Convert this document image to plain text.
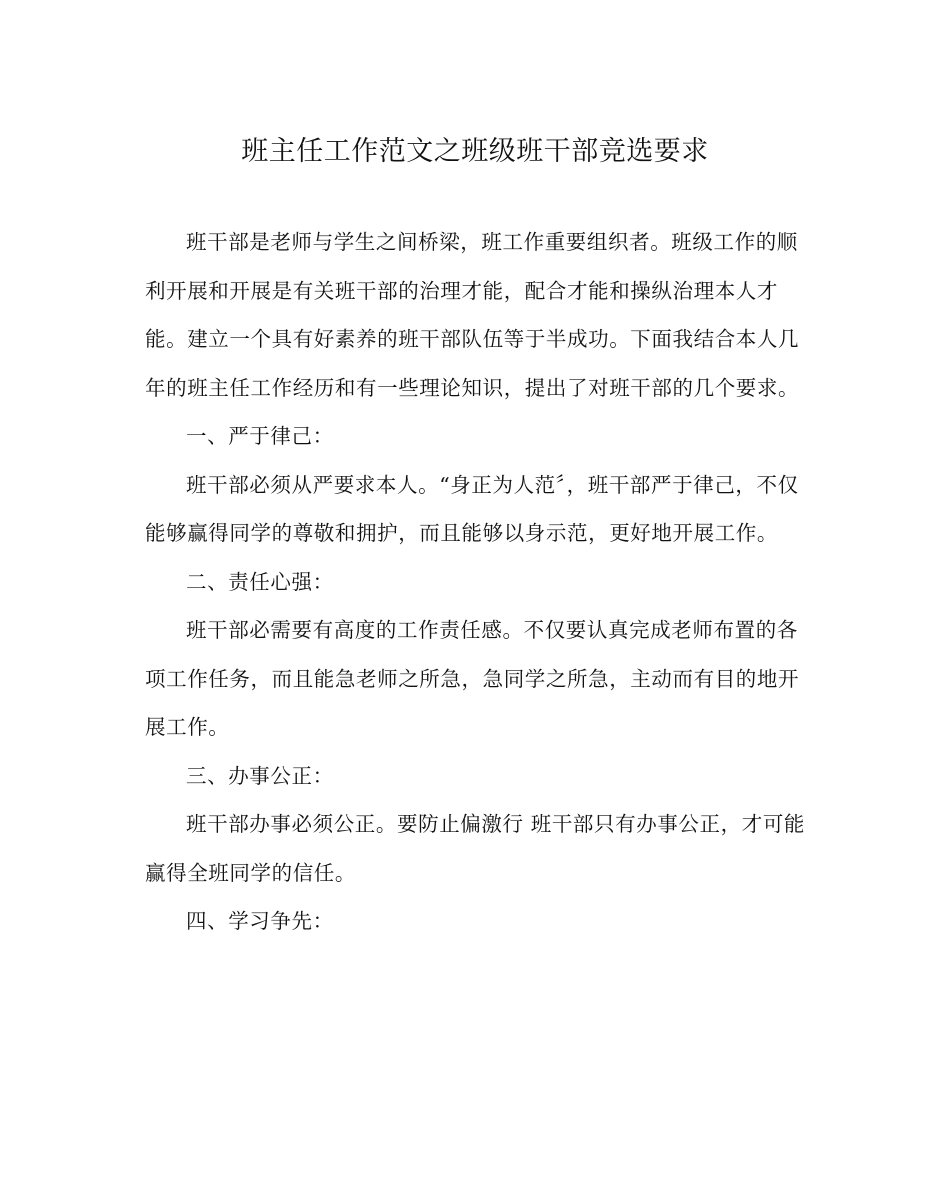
班主任工作范文之班级班干部竞选要求

班干部是老师与学生之间桥梁，班工作重要组织者。班级工作的顺利开展和开展是有关班干部的治理才能，配合才能和操纵治理本人才能。建立一个具有好素养的班干部队伍等于半成功。下面我结合本人几年的班主任工作经历和有一些理论知识，提出了对班干部的几个要求。

一、严于律己：

班干部必须从严要求本人。“身正为人范〞，班干部严于律己，不仅能够赢得同学的尊敬和拥护，而且能够以身示范，更好地开展工作。

二、责任心强：

班干部必需要有高度的工作责任感。不仅要认真完成老师布置的各项工作任务，而且能急老师之所急，急同学之所急，主动而有目的地开展工作。

三、办事公正：

班干部办事必须公正。要防止偏激行 班干部只有办事公正，才可能赢得全班同学的信任。

四、学习争先：
